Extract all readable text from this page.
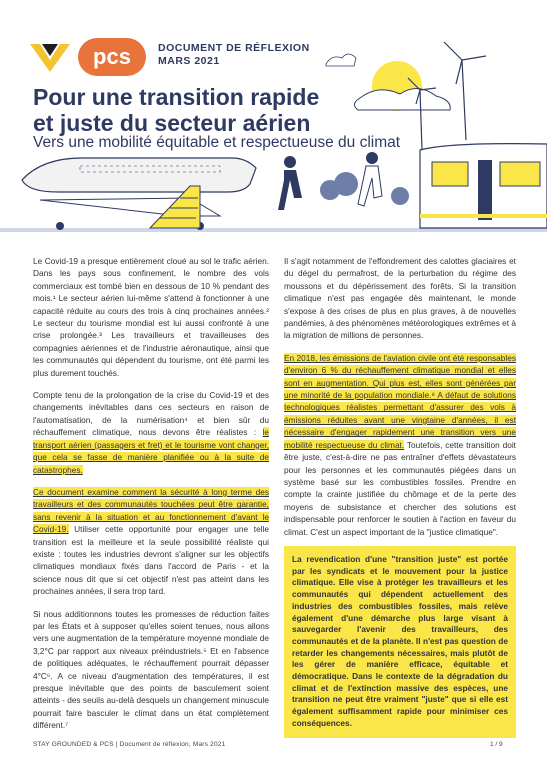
pcs	DOCUMENT DE RÉFLEXION
MARS 2021
Pour une transition rapide
et juste du secteur aérien
Vers une mobilité équitable et respectueuse du climat

Le Covid-19 a presque entièrement cloué au sol le trafic aérien. Dans les pays sous confinement, le nombre des vols commerciaux est tombé bien en dessous de 10 % pendant des mois.¹ Le secteur aérien lui-même s'attend à fonctionner à une capacité réduite au cours des trois à cinq prochaines années.² Le secteur du tourisme mondial est lui aussi confronté à une crise prolongée.³ Les travailleurs et travailleuses des compagnies aériennes et de l'industrie aéronautique, ainsi que les communautés qui dépendent du tourisme, ont été parmi les plus durement touchés.

Compte tenu de la prolongation de la crise du Covid-19 et des changements inévitables dans ces secteurs en raison de l'automatisation, de la numérisation⁴ et bien sûr du réchauffement climatique, nous devons être réalistes : le transport aérien (passagers et fret) et le tourisme vont changer, que cela se fasse de manière planifiée ou à la suite de catastrophes.

Ce document examine comment la sécurité à long terme des travailleurs et des communautés touchées peut être garantie, sans revenir à la situation et au fonctionnement d'avant le Covid-19. Utiliser cette opportunité pour engager une telle transition est la meilleure et la seule possibilité réaliste qui existe : toutes les industries devront s'aligner sur les objectifs climatiques mondiaux fixés dans l'accord de Paris - et la science nous dit que si cet objectif n'est pas atteint dans les prochaines années, il sera trop tard.

Si nous additionnons toutes les promesses de réduction faites par les États et à supposer qu'elles soient tenues, nous allons vers une augmentation de la température moyenne mondiale de 3,2°C par rapport aux niveaux préindustriels.⁵ Et en l'absence de politiques adéquates, le réchauffement pourrait dépasser 4°C⁶. A ce niveau d'augmentation des températures, il est presque inévitable que des points de basculement soient atteints - des seuils au-delà desquels un changement minuscule pourrait faire basculer le climat dans un état complètement différent.⁷

Il s'agit notamment de l'effondrement des calottes glaciaires et du dégel du permafrost, de la perturbation du régime des moussons et du dépérissement des forêts. Si la transition climatique n'est pas engagée dès maintenant, le monde s'expose à des crises de plus en plus graves, à de nouvelles pandémies, à des phénomènes météorologiques extrêmes et à la migration de millions de personnes.

En 2018, les émissions de l'aviation civile ont été responsables d'environ 6 % du réchauffement climatique mondial et elles sont en augmentation. Qui plus est, elles sont générées par une minorité de la population mondiale.⁸ A défaut de solutions technologiques réalistes permettant d'assurer des vols à émissions réduites avant une vingtaine d'années, il est nécessaire d'engager rapidement une transition vers une mobilité respectueuse du climat. Toutefois, cette transition doit être juste, c'est-à-dire ne pas entraîner d'effets dévastateurs pour les personnes et les communautés piégées dans un système basé sur les combustibles fossiles. Prendre en compte la crainte justifiée du chômage et de la perte des moyens de subsistance et chercher des solutions est indispensable pour renforcer le soutien à l'action en faveur du climat. C'est un aspect important de la "justice climatique".

La revendication d'une "transition juste" est portée par les syndicats et le mouvement pour la justice climatique. Elle vise à protéger les travailleurs et les communautés qui dépendent actuellement des industries des combustibles fossiles, mais relève également d'une démarche plus large visant à sauvegarder l'avenir des travailleurs, des communautés et de la planète. Il n'est pas question de retarder les changements nécessaires, mais plutôt de les gérer de manière efficace, équitable et démocratique. Dans le contexte de la dégradation du climat et de l'extinction massive des espèces, une transition ne peut être vraiment "juste" que si elle est également suffisamment rapide pour minimiser ces conséquences.
STAY GROUNDED & PCS | Document de réflexion, Mars 2021	1 / 9
